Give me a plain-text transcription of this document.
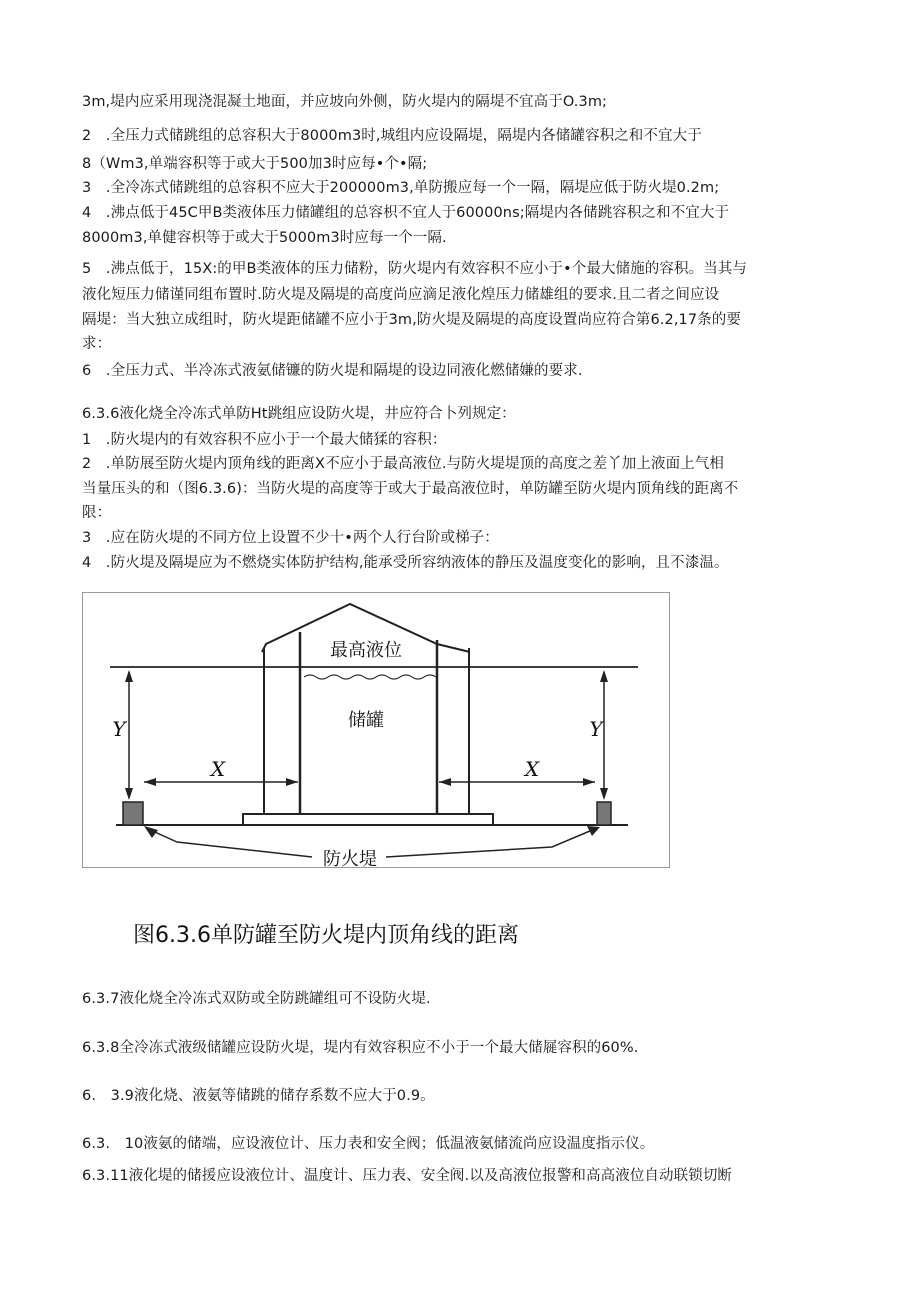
3m,堤内应采用现浇混凝土地面，并应坡向外侧，防火堤内的隔堤不宜高于O.3m;
2　.全压力式储跳组的总容积大于8000m3时,城组内应设隔堤，隔堤内各储罐容积之和不宜大于
8（Wm3,单端容积等于或大于500加3时应每•个•隔;
3　.全冷冻式储跳组的总容积不应大于200000m3,单防搬应每一个一隔，隔堤应低于防火堤0.2m;
4　.沸点低于45C甲B类液体压力储罐组的总容枳不宜人于60000ns;隔堤内各储跳容积之和不宜大于
8000m3,单健容枳等于或大于5000m3时应每一个一隔.
5　.沸点低于，15X:的甲B类液体的压力储粉，防火堤内有效容积不应小于•个最大储施的容积。当其与
液化短压力储谨同组布置时.防火堤及隔堤的高度尚应滴足液化煌压力储雄组的要求.且二者之间应设
隔堤：当大独立成组时，防火堤距储罐不应小于3m,防火堤及隔堤的高度设置尚应符合第6.2,17条的要
求：
6　.全压力式、半冷冻式液氨储镰的防火堤和隔堤的设边同液化燃储嫌的要求.
6.3.6液化烧全冷冻式单防Ht跳组应设防火堤，井应符合卜列规定：
1　.防火堤内的有效容积不应小于一个最大储猱的容积：
2　.单防展至防火堤内顶角线的距离X不应小于最高液位.与防火堤堤顶的高度之差丫加上液面上气相
当量压头的和（图6.3.6)：当防火堤的高度等于或大于最高液位时，单防罐至防火堤内顶角线的距离不
限：
3　.应在防火堤的不同方位上设置不少十•两个人行台阶或梯子：
4　.防火堤及隔堤应为不燃烧实体防护结构,能承受所容纳液体的静压及温度变化的影响，且不漆温。
最高液位
储罐
防火堤
X	X
Y	Y
图6.3.6单防罐至防火堤内顶角线的距离
6.3.7液化烧全冷冻式双防或全防跳罐组可不设防火堤.
6.3.8全冷冻式液级储罐应设防火堤，堤内有效容积应不小于一个最大储屣容积的60%.
6.　3.9液化烧、液氨等储跳的储存系数不应大于0.9。
6.3.　10液氨的储端，应设液位计、压力表和安全阀；低温液氨储流尚应设温度指示仪。
6.3.11液化堤的储援应设液位计、温度计、压力表、安全阀.以及高液位报警和高高液位自动联锁切断
